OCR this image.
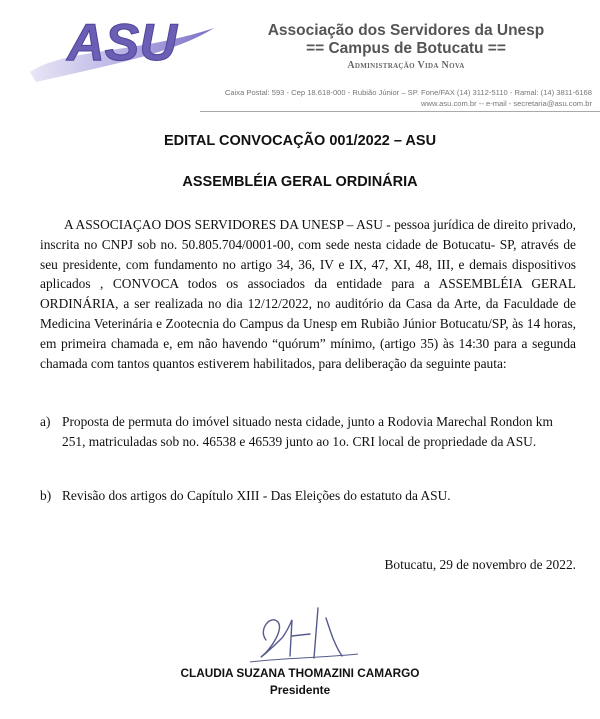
ASU	Associação dos Servidores da Unesp

== Campus de Botucatu ==

Administração Vida Nova

Caixa Postal: 593 - Cep 18.618-000 - Rubião Júnior – SP. Fone/FAX (14) 3112-5110 - Ramal: (14) 3811-6168

www.asu.com.br -- e-mail - secretaria@asu.com.br

EDITAL CONVOCAÇÃO 001/2022 – ASU

ASSEMBLÉIA GERAL ORDINÁRIA

A ASSOCIAÇAO DOS SERVIDORES DA UNESP – ASU - pessoa jurídica de direito privado, inscrita no CNPJ sob no. 50.805.704/0001-00, com sede nesta cidade de Botucatu- SP, através de seu presidente, com fundamento no artigo 34, 36, IV e IX, 47, XI, 48, III, e demais dispositivos aplicados , CONVOCA todos os associados da entidade para a ASSEMBLÉIA GERAL ORDINÁRIA, a ser realizada no dia 12/12/2022, no auditório da Casa da Arte, da Faculdade de Medicina Veterinária e Zootecnia do Campus da Unesp em Rubião Júnior Botucatu/SP, às 14 horas, em primeira chamada e, em não havendo “quórum” mínimo, (artigo 35) às 14:30 para a segunda chamada com tantos quantos estiverem habilitados, para deliberação da seguinte pauta:

a) Proposta de permuta do imóvel situado nesta cidade, junto a Rodovia Marechal Rondon km 251, matriculadas sob no. 46538 e 46539 junto ao 1o. CRI local de propriedade da ASU.
b) Revisão dos artigos do Capítulo XIII - Das Eleições do estatuto da ASU.

Botucatu, 29 de novembro de 2022.

CLAUDIA SUZANA THOMAZINI CAMARGO

Presidente
